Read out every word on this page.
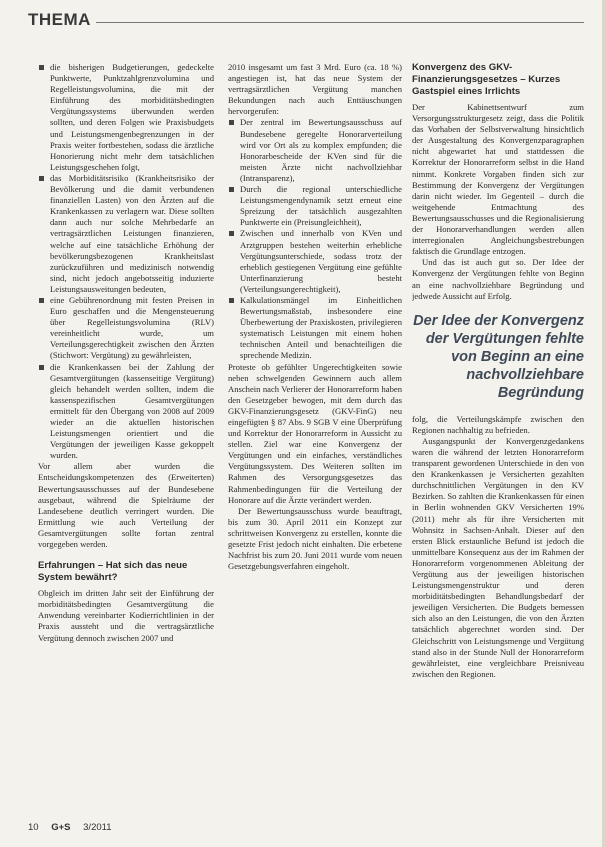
THEMA
die bisherigen Budgetierungen, gedeckelte Punktwerte, Punktzahlgrenzvolumina und Regelleistungsvolumina, die mit der Einführung des morbiditätsbedingten Vergütungssystems überwunden werden sollten, und deren Folgen wie Praxisbudgets und Leistungsmengenbegrenzungen in der Praxis weiter fortbestehen, sodass die ärztliche Honorierung nicht mehr dem tatsächlichen Leistungsgeschehen folgt,
das Morbiditätsrisiko (Krankheitsrisiko der Bevölkerung und die damit verbundenen finanziellen Lasten) von den Ärzten auf die Krankenkassen zu verlagern war. Diese sollten dann auch nur solche Mehrbedarfe an vertragsärztlichen Leistungen finanzieren, welche auf eine tatsächliche Erhöhung der bevölkerungsbezogenen Krankheitslast zurückzuführen und medizinisch notwendig sind, nicht jedoch angebotsseitig induzierte Leistungsausweitungen bedeuten,
eine Gebührenordnung mit festen Preisen in Euro geschaffen und die Mengensteuerung über Regelleistungsvolumina (RLV) vereinheitlicht wurde, um Verteilungsgerechtigkeit zwischen den Ärzten (Stichwort: Vergütung) zu gewährleisten,
die Krankenkassen bei der Zahlung der Gesamtvergütungen (kassenseitige Vergütung) gleich behandelt werden sollten, indem die kassenspezifischen Gesamtvergütungen ermittelt für den Übergang von 2008 auf 2009 wieder an die aktuellen historischen Leistungsmengen orientiert und die Vergütungen der jeweiligen Kasse gekoppelt wurden.

Vor allem aber wurden die Entscheidungskompetenzen des (Erweiterten) Bewertungsausschusses auf der Bundesebene ausgebaut, während die Spielräume der Landesebene deutlich verringert wurden. Die Ermittlung wie auch Verteilung der Gesamtvergütungen sollte fortan zentral vorgegeben werden.

Erfahrungen – Hat sich das neue System bewährt?

Obgleich im dritten Jahr seit der Einführung der morbiditätsbedingten Gesamtvergütung die Anwendung vereinbarter Kodierrichtlinien in der Praxis aussteht und die vertragsärztliche Vergütung dennoch zwischen 2007 und

2010 insgesamt um fast 3 Mrd. Euro (ca. 18 %) angestiegen ist, hat das neue System der vertragsärztlichen Vergütung manchen Bekundungen nach auch Enttäuschungen hervorgerufen:

Der zentral im Bewertungsausschuss auf Bundesebene geregelte Honorarverteilung wird vor Ort als zu komplex empfunden; die Honorarbescheide der KVen sind für die meisten Ärzte nicht nachvollziehbar (Intransparenz),
Durch die regional unterschiedliche Leistungsmengendynamik setzt erneut eine Spreizung der tatsächlich ausgezahlten Punktwerte ein (Preisungleichheit),
Zwischen und innerhalb von KVen und Arztgruppen bestehen weiterhin erhebliche Vergütungsunterschiede, sodass trotz der erheblich gestiegenen Vergütung eine gefühlte Unterfinanzierung besteht (Verteilungsungerechtigkeit),
Kalkulationsmängel im Einheitlichen Bewertungsmaßstab, insbesondere eine Überbewertung der Praxiskosten, privilegieren systematisch Leistungen mit einem hohen technischen Anteil und benachteiligen die sprechende Medizin.

Proteste ob gefühlter Ungerechtigkeiten sowie neben schwelgenden Gewinnern auch allem Anschein nach Verlierer der Honorarreform haben den Gesetzgeber bewogen, mit dem durch das GKV-Finanzierungsgesetz (GKV-FinG) neu eingefügten § 87 Abs. 9 SGB V eine Überprüfung und Korrektur der Honorarreform in Aussicht zu stellen. Ziel war eine Konvergenz der Vergütungen und ein einfaches, verständliches Vergütungssystem. Des Weiteren sollten im Rahmen des Versorgungsgesetzes das Rahmenbedingungen für die Verteilung der Honorare auf die Ärzte verändert werden.

Der Bewertungsausschuss wurde beauftragt, bis zum 30. April 2011 ein Konzept zur schrittweisen Konvergenz zu erstellen, konnte die gesetzte Frist jedoch nicht einhalten. Die erbetene Nachfrist bis zum 20. Juni 2011 wurde vom neuen Gesetzgebungsverfahren eingeholt.

Konvergenz des GKV-Finanzierungsgesetzes – Kurzes Gastspiel eines Irrlichts

Der Kabinettsentwurf zum Versorgungsstrukturgesetz zeigt, dass die Politik das Vorhaben der Selbstverwaltung hinsichtlich der Ausgestaltung des Konvergenzparagraphen nicht abgewartet hat und stattdessen die Korrektur der Honorarreform selbst in die Hand nimmt. Konkrete Vorgaben finden sich zur Bestimmung der Konvergenz der Vergütungen darin nicht wieder. Im Gegenteil – durch die weitgehende Entmachtung des Bewertungsausschusses und die Regionalisierung der Honorarverhandlungen werden allen interregionalen Angleichungsbestrebungen faktisch die Grundlage entzogen.

Und das ist auch gut so. Der Idee der Konvergenz der Vergütungen fehlte von Beginn an eine nachvollziehbare Begründung und jedwede Aussicht auf Erfolg.

Der Idee der Konvergenz der Vergütungen fehlte von Beginn an eine nachvollziehbare Begründung

folg, die Verteilungskämpfe zwischen den Regionen nachhaltig zu befrieden.

Ausgangspunkt der Konvergenzgedankens waren die während der letzten Honorarreform transparent gewordenen Unterschiede in den von den Krankenkassen je Versicherten gezahlten durchschnittlichen Vergütungen in den KV Bezirken. So zahlten die Krankenkassen für einen in Berlin wohnenden GKV Versicherten 19% (2011) mehr als für ihre Versicherten mit Wohnsitz in Sachsen-Anhalt. Dieser auf den ersten Blick erstaunliche Befund ist jedoch die unmittelbare Konsequenz aus der im Rahmen der Honorarreform vorgenommenen Ableitung der Vergütung aus der jeweiligen historischen Leistungsmengenstruktur und deren morbiditätsbedingten Behandlungsbedarf der jeweiligen Versicherten. Die Budgets bemessen sich also an den Leistungen, die von den Ärzten tatsächlich abgerechnet worden sind. Der Gleichschritt von Leistungsmenge und Vergütung stand also in der Stunde Null der Honorarreform gewährleistet, eine vergleichbare Preisniveau zwischen den Regionen.

10 G+S 3/2011
